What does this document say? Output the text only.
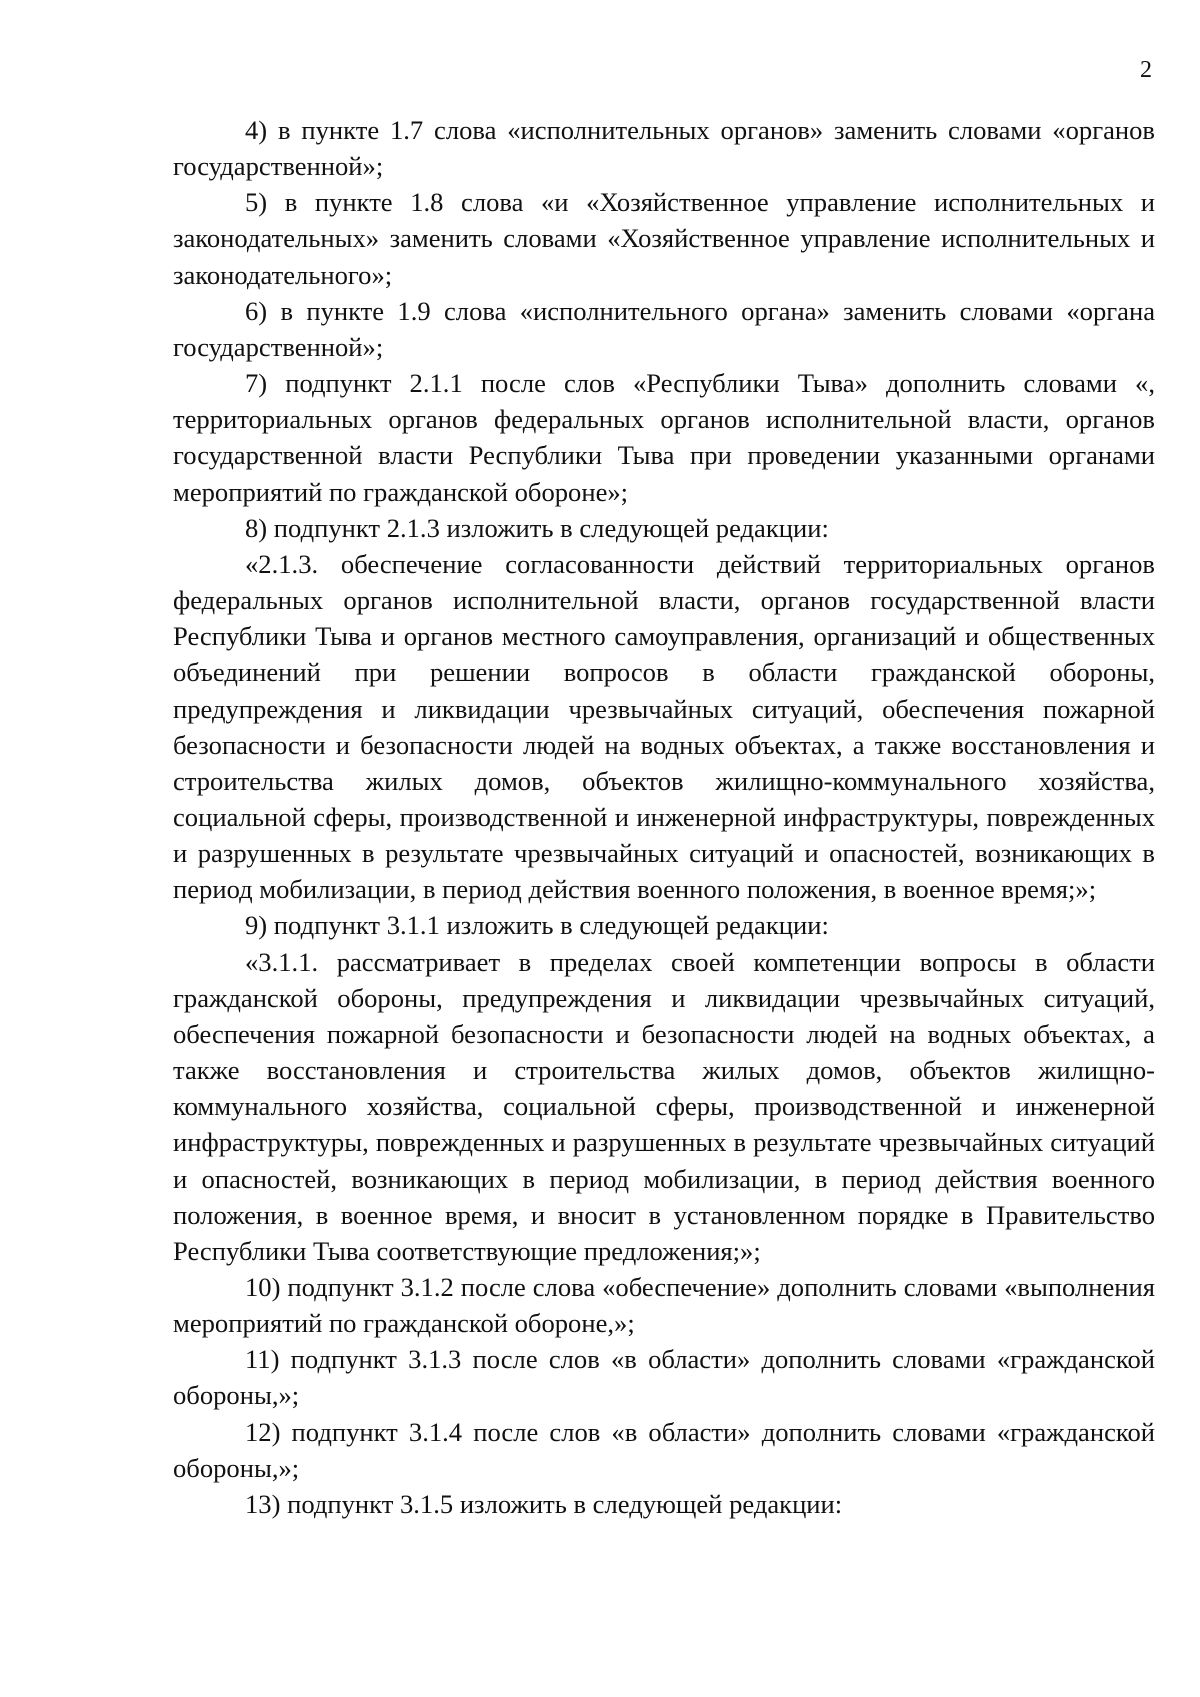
2

4) в пункте 1.7 слова «исполнительных органов» заменить словами «органов государственной»;

5) в пункте 1.8 слова «и «Хозяйственное управление исполнительных и законодательных» заменить словами «Хозяйственное управление исполнительных и законодательного»;

6) в пункте 1.9 слова «исполнительного органа» заменить словами «органа государственной»;

7) подпункт 2.1.1 после слов «Республики Тыва» дополнить словами «, территориальных органов федеральных органов исполнительной власти, органов государственной власти Республики Тыва при проведении указанными органами мероприятий по гражданской обороне»;

8) подпункт 2.1.3 изложить в следующей редакции:

«2.1.3. обеспечение согласованности действий территориальных органов федеральных органов исполнительной власти, органов государственной власти Республики Тыва и органов местного самоуправления, организаций и общественных объединений при решении вопросов в области гражданской обороны, предупреждения и ликвидации чрезвычайных ситуаций, обеспечения пожарной безопасности и безопасности людей на водных объектах, а также восстановления и строительства жилых домов, объектов жилищно-коммунального хозяйства, социальной сферы, производственной и инженерной инфраструктуры, поврежденных и разрушенных в результате чрезвычайных ситуаций и опасностей, возникающих в период мобилизации, в период действия военного положения, в военное время;»;

9) подпункт 3.1.1 изложить в следующей редакции:

«3.1.1. рассматривает в пределах своей компетенции вопросы в области гражданской обороны, предупреждения и ликвидации чрезвычайных ситуаций, обеспечения пожарной безопасности и безопасности людей на водных объектах, а также восстановления и строительства жилых домов, объектов жилищно-​коммунального хозяйства, социальной сферы, производственной и инженерной инфраструктуры, поврежденных и разрушенных в результате чрезвычайных ситуаций и опасностей, возникающих в период мобилизации, в период действия военного положения, в военное время, и вносит в установленном порядке в Правительство Республики Тыва соответствующие предложения;»;

10) подпункт 3.1.2 после слова «обеспечение» дополнить словами «выполнения мероприятий по гражданской обороне,»;

11) подпункт 3.1.3 после слов «в области» дополнить словами «гражданской обороны,»;

12) подпункт 3.1.4 после слов «в области» дополнить словами «гражданской обороны,»;

13) подпункт 3.1.5 изложить в следующей редакции:
